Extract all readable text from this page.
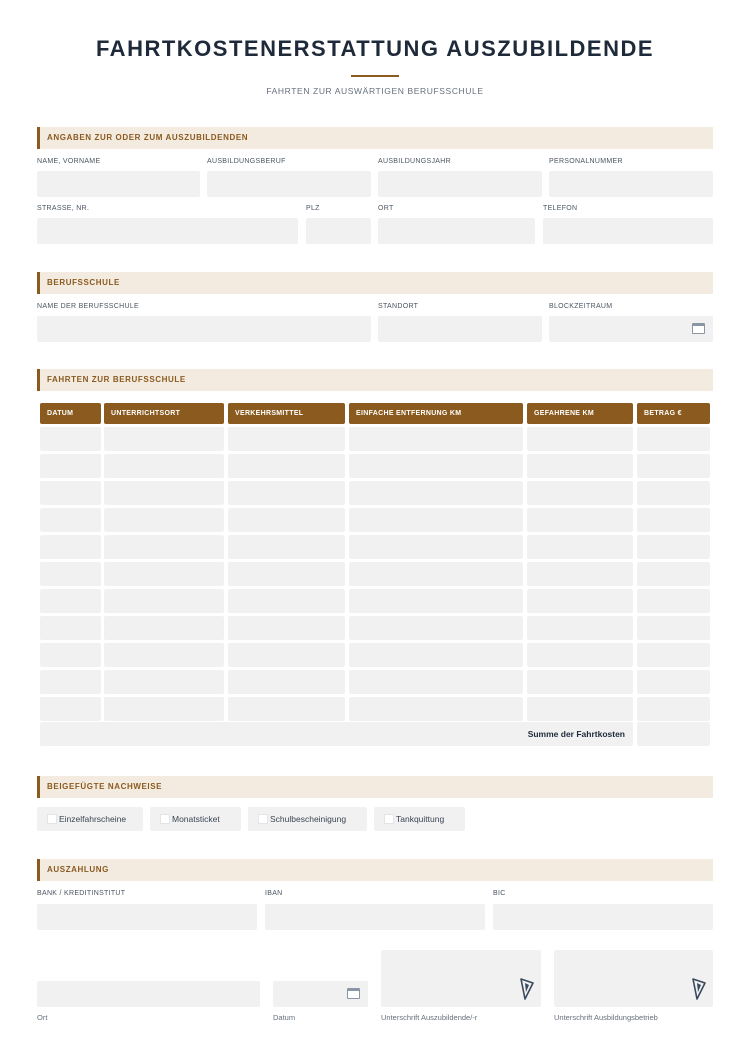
FAHRTKOSTENERSTATTUNG AUSZUBILDENDE
FAHRTEN ZUR AUSWÄRTIGEN BERUFSSCHULE
ANGABEN ZUR ODER ZUM AUSZUBILDENDEN
NAME, VORNAME	AUSBILDUNGSBERUF	AUSBILDUNGSJAHR	PERSONALNUMMER
STRASSE, NR.	PLZ	ORT	TELEFON
BERUFSSCHULE
NAME DER BERUFSSCHULE	STANDORT	BLOCKZEITRAUM
FAHRTEN ZUR BERUFSSCHULE
DATUM	UNTERRICHTSORT	VERKEHRSMITTEL	EINFACHE ENTFERNUNG KM	GEFAHRENE KM	BETRAG €
Summe der Fahrtkosten
BEIGEFÜGTE NACHWEISE
Einzelfahrscheine	Monatsticket	Schulbescheinigung	Tankquittung
AUSZAHLUNG
BANK / KREDITINSTITUT	IBAN	BIC
Ort	Datum	Unterschrift Auszubildende/-r	Unterschrift Ausbildungsbetrieb
